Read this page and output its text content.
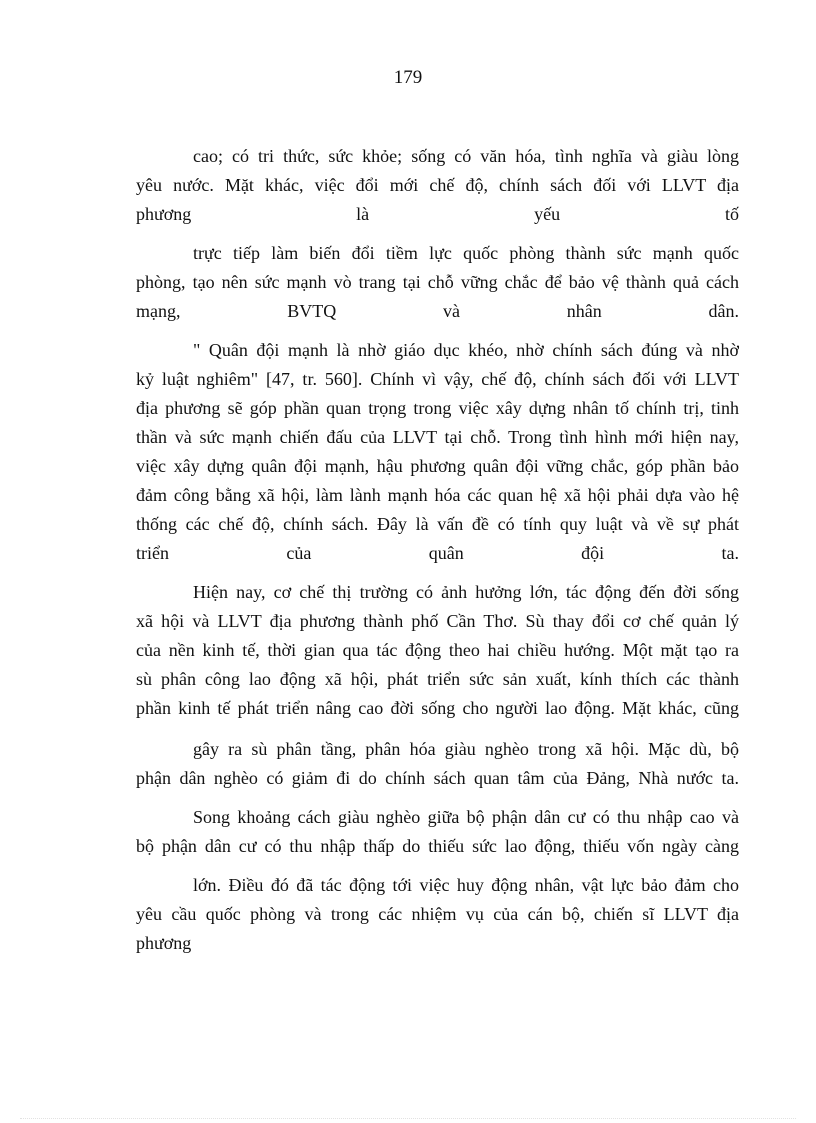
179
cao; có tri thức, sức khỏe; sống có văn hóa, tình nghĩa và giàu lòng
yêu nước. Mặt khác, việc đổi mới chế độ, chính sách đối với LLVT địa
phương là yếu tố
trực tiếp làm biến đổi tiềm lực quốc phòng thành sức mạnh quốc
phòng, tạo nên sức mạnh vò trang tại chỗ vững chắc để bảo vệ thành quả cách
mạng, BVTQ và nhân dân.
" Quân đội mạnh là nhờ giáo dục khéo, nhờ chính sách đúng và nhờ
kỷ luật nghiêm" [47, tr. 560]. Chính vì vậy, chế độ, chính sách đối với LLVT
địa phương sẽ góp phần quan trọng trong việc xây dựng nhân tố chính trị, tinh
thần và sức mạnh chiến đấu của LLVT tại chỗ. Trong tình hình mới hiện nay,
việc xây dựng quân đội mạnh, hậu phương quân đội vững chắc, góp phần bảo
đảm công bằng xã hội, làm lành mạnh hóa các quan hệ xã hội phải dựa vào hệ
thống các chế độ, chính sách. Đây là vấn đề có tính quy luật và về sự phát
triển của quân đội ta.
Hiện nay, cơ chế thị trường có ảnh hưởng lớn, tác động đến đời sống
xã hội và LLVT địa phương thành phố Cần Thơ. Sù thay đổi cơ chế quản lý
của nền kinh tế, thời gian qua tác động theo hai chiều hướng. Một mặt tạo ra
sù phân công lao động xã hội, phát triển sức sản xuất, kính thích các thành
phần kinh tế phát triển nâng cao đời sống cho người lao động. Mặt khác, cũng
gây ra sù phân tầng, phân hóa giàu nghèo trong xã hội. Mặc dù, bộ
phận dân nghèo có giảm đi do chính sách quan tâm của Đảng, Nhà nước ta.
Song khoảng cách giàu nghèo giữa bộ phận dân cư có thu nhập cao và
bộ phận dân cư có thu nhập thấp do thiếu sức lao động, thiếu vốn ngày càng
lớn. Điều đó đã tác động tới việc huy động nhân, vật lực bảo đảm cho
yêu cầu quốc phòng và trong các nhiệm vụ của cán bộ, chiến sĩ LLVT địa
phương
